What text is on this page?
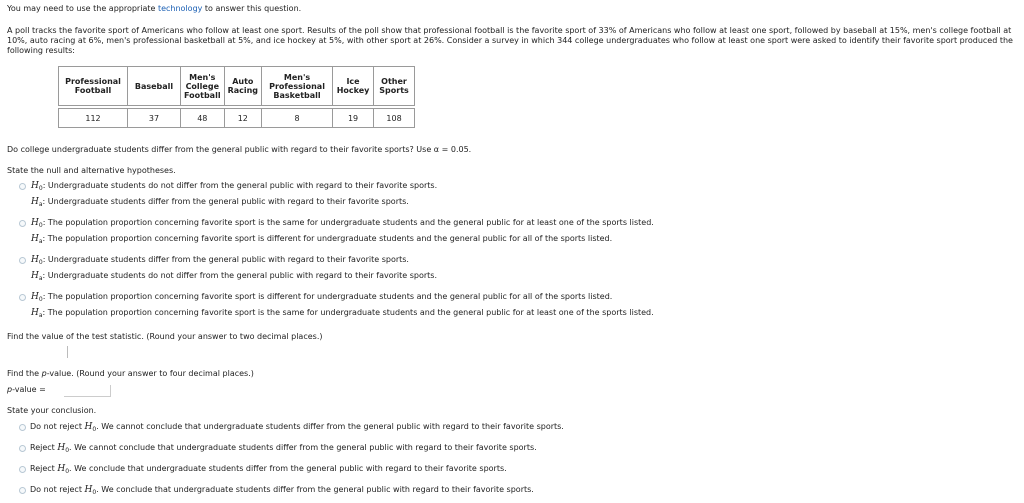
You may need to use the appropriate technology to answer this question.
A poll tracks the favorite sport of Americans who follow at least one sport. Results of the poll show that professional football is the favorite sport of 33% of Americans who follow at least one sport, followed by baseball at 15%, men's college football at 10%, auto racing at 6%, men's professional basketball at 5%, and ice hockey at 5%, with other sport at 26%. Consider a survey in which 344 college undergraduates who follow at least one sport were asked to identify their favorite sport produced the following results:
Professional Football	Baseball	Men's College Football	Auto Racing	Men's Professional Basketball	Ice Hockey	Other Sports

112	37	48	12	8	19	108
Do college undergraduate students differ from the general public with regard to their favorite sports? Use α = 0.05.
State the null and alternative hypotheses.
$H_0$: Undergraduate students do not differ from the general public with regard to their favorite sports.
$H_a$: Undergraduate students differ from the general public with regard to their favorite sports.
$H_0$: The population proportion concerning favorite sport is the same for undergraduate students and the general public for at least one of the sports listed.
$H_a$: The population proportion concerning favorite sport is different for undergraduate students and the general public for all of the sports listed.
$H_0$: Undergraduate students differ from the general public with regard to their favorite sports.
$H_a$: Undergraduate students do not differ from the general public with regard to their favorite sports.
$H_0$: The population proportion concerning favorite sport is different for undergraduate students and the general public for all of the sports listed.
$H_a$: The population proportion concerning favorite sport is the same for undergraduate students and the general public for at least one of the sports listed.
Find the value of the test statistic. (Round your answer to two decimal places.)
Find the p-value. (Round your answer to four decimal places.)
p-value =
State your conclusion.
Do not reject $H_0$. We cannot conclude that undergraduate students differ from the general public with regard to their favorite sports.
Reject $H_0$. We cannot conclude that undergraduate students differ from the general public with regard to their favorite sports.
Reject $H_0$. We conclude that undergraduate students differ from the general public with regard to their favorite sports.
Do not reject $H_0$. We conclude that undergraduate students differ from the general public with regard to their favorite sports.
